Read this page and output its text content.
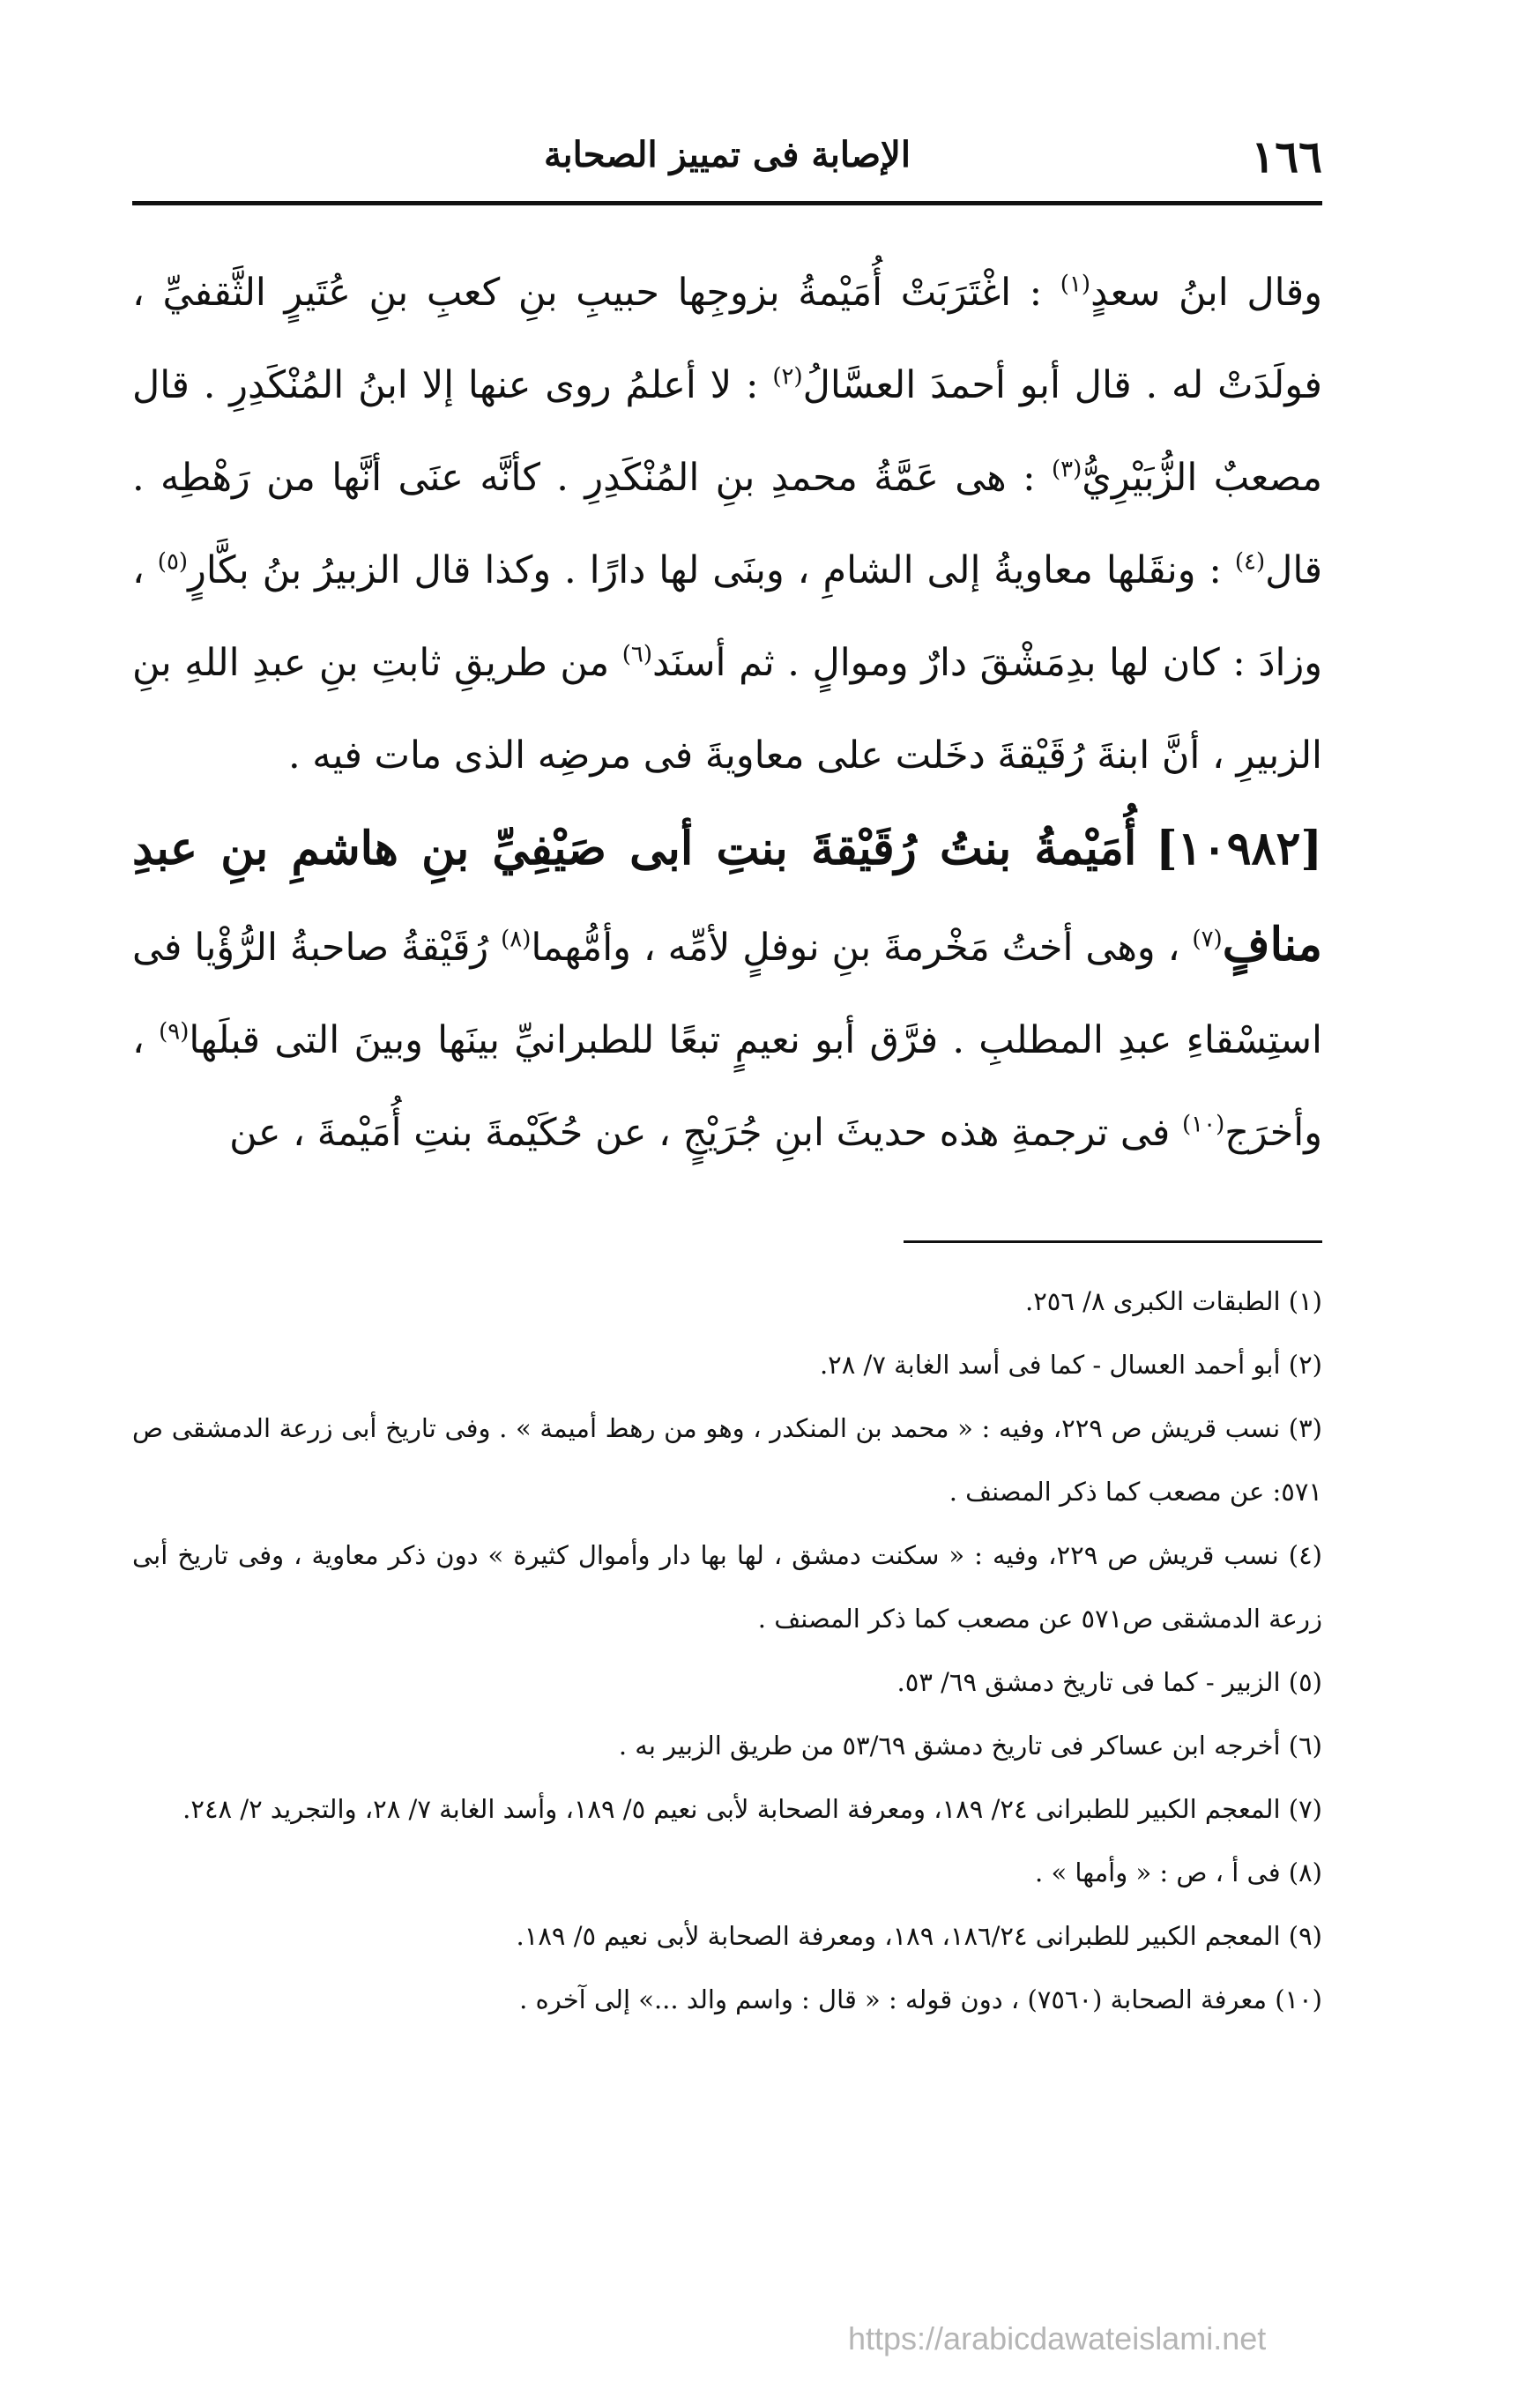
١٦٦
الإصابة فى تمييز الصحابة

وقال ابنُ سعدٍ$^{(١)}$ : اغْتَرَبَتْ أُمَيْمةُ بزوجِها حبيبِ بنِ كعبِ بنِ عُتَيرٍ الثَّقفيِّ ، فولَدَتْ له . قال أبو أحمدَ العسَّالُ$^{(٢)}$ : لا أعلمُ روى عنها إلا ابنُ المُنْكَدِرِ . قال مصعبٌ الزُّبَيْرِيُّ$^{(٣)}$ : هى عَمَّةُ محمدِ بنِ المُنْكَدِرِ . كأنَّه عنَى أنَّها من رَهْطِه . قال$^{(٤)}$ : ونقَلها معاويةُ إلى الشامِ ، وبنَى لها دارًا . وكذا قال الزبيرُ بنُ بكَّارٍ$^{(٥)}$ ، وزادَ : كان لها بدِمَشْقَ دارٌ وموالٍ . ثم أسنَد$^{(٦)}$ من طريقِ ثابتِ بنِ عبدِ اللهِ بنِ الزبيرِ ، أنَّ ابنةَ رُقَيْقةَ دخَلت على معاويةَ فى مرضِه الذى مات فيه .

[١٠٩٨٢] أُمَيْمةُ بنتُ رُقَيْقةَ بنتِ أبى صَيْفِيِّ بنِ هاشمِ بنِ عبدِ منافٍ$^{(٧)}$ ، وهى أختُ مَخْرمةَ بنِ نوفلٍ لأمِّه ، وأمُّهما$^{(٨)}$ رُقَيْقةُ صاحبةُ الرُّؤْيا فى استِسْقاءِ عبدِ المطلبِ . فرَّق أبو نعيمٍ تبعًا للطبرانيِّ بينَها وبينَ التى قبلَها$^{(٩)}$ ، وأخرَج$^{(١٠)}$ فى ترجمةِ هذه حديثَ ابنِ جُرَيْجٍ ، عن حُكَيْمةَ بنتِ أُمَيْمةَ ، عن

(١) الطبقات الكبرى ٨/ ٢٥٦.

(٢) أبو أحمد العسال - كما فى أسد الغابة ٧/ ٢٨.

(٣) نسب قريش ص ٢٢٩، وفيه : « محمد بن المنكدر ، وهو من رهط أميمة » . وفى تاريخ أبى زرعة الدمشقى ص ٥٧١: عن مصعب كما ذكر المصنف .

(٤) نسب قريش ص ٢٢٩، وفيه : « سكنت دمشق ، لها بها دار وأموال كثيرة » دون ذكر معاوية ، وفى تاريخ أبى زرعة الدمشقى ص٥٧١ عن مصعب كما ذكر المصنف .

(٥) الزبير - كما فى تاريخ دمشق ٦٩/ ٥٣.

(٦) أخرجه ابن عساكر فى تاريخ دمشق ٥٣/٦٩ من طريق الزبير به .

(٧) المعجم الكبير للطبرانى ٢٤/ ١٨٩، ومعرفة الصحابة لأبى نعيم ٥/ ١٨٩، وأسد الغابة ٧/ ٢٨، والتجريد ٢/ ٢٤٨.

(٨) فى أ ، ص : « وأمها » .

(٩) المعجم الكبير للطبرانى ١٨٦/٢٤، ١٨٩، ومعرفة الصحابة لأبى نعيم ٥/ ١٨٩.

(١٠) معرفة الصحابة (٧٥٦٠) ، دون قوله : « قال : واسم والد ...» إلى آخره .

https://arabicdawateislami.net
